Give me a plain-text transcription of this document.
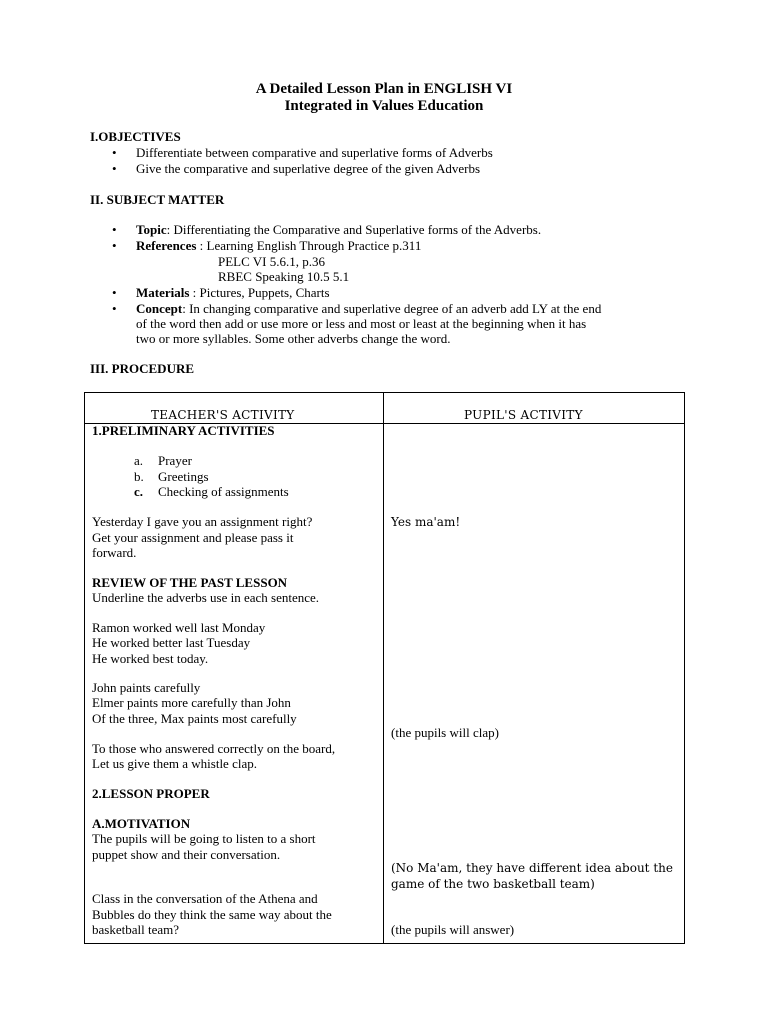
A Detailed Lesson Plan in ENGLISH VI
Integrated in Values Education
I.OBJECTIVES
• Differentiate between comparative and superlative forms of Adverbs
• Give the comparative and superlative degree of the given Adverbs
II. SUBJECT MATTER
• Topic: Differentiating the Comparative and Superlative forms of the Adverbs.
• References : Learning English Through Practice p.311
PELC VI 5.6.1, p.36
RBEC Speaking 10.5 5.1
• Materials : Pictures, Puppets, Charts
• Concept: In changing comparative and superlative degree of an adverb add LY at the end
of the word then add or use more or less and most or least at the beginning when it has
two or more syllables. Some other adverbs change the word.
III. PROCEDURE
TEACHER'S ACTIVITY	PUPIL'S ACTIVITY
1.PRELIMINARY ACTIVITIES
a. Prayer
b. Greetings
c. Checking of assignments
Yesterday I gave you an assignment right?
Get your assignment and please pass it
forward.
REVIEW OF THE PAST LESSON
Underline the adverbs use in each sentence.
Ramon worked well last Monday
He worked better last Tuesday
He worked best today.
John paints carefully
Elmer paints more carefully than John
Of the three, Max paints most carefully
To those who answered correctly on the board,
Let us give them a whistle clap.
2.LESSON PROPER
A.MOTIVATION
The pupils will be going to listen to a short
puppet show and their conversation.
Class in the conversation of the Athena and
Bubbles do they think the same way about the
basketball team?
Yes ma'am!
(the pupils will clap)
(No Ma'am, they have different idea about the
game of the two basketball team)
(the pupils will answer)
